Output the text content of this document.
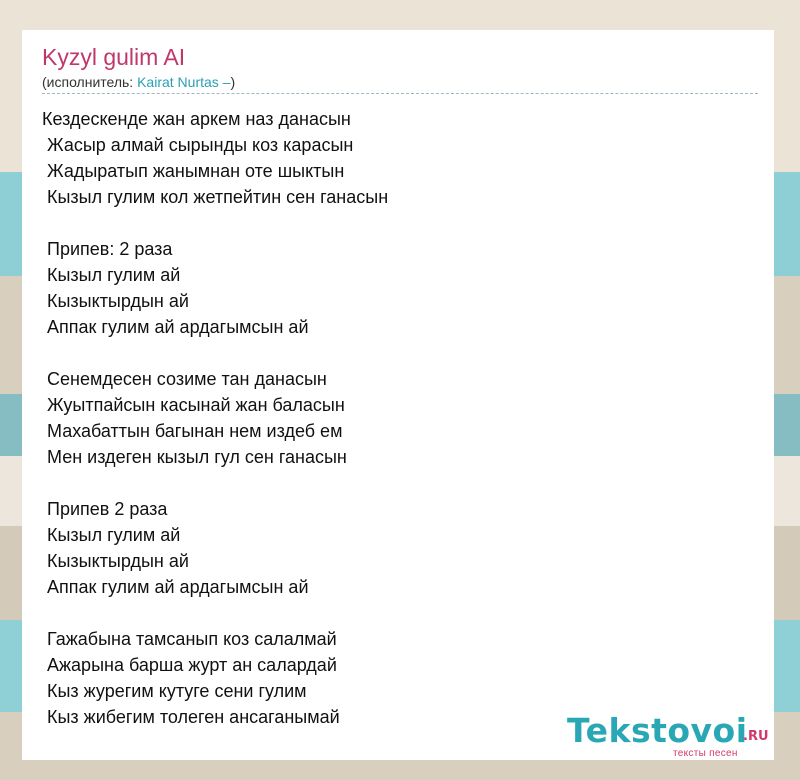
Kyzyl gulim AI
(исполнитель: Kairat Nurtas –)
Кездескенде жан аркем наз данасын
Жасыр алмай сырынды коз карасын
Жадыратып жанымнан оте шыктын
Кызыл гулим кол жетпейтин сен ганасын
Припев: 2 раза
Кызыл гулим ай
Кызыктырдын ай
Аппак гулим ай ардагымсын ай
Сенемдесен созиме тан данасын
Жуытпайсын касынай жан баласын
Махабаттын багынан нем издеб ем
Мен издеген кызыл гул сен ганасын
Припев 2 раза
Кызыл гулим ай
Кызыктырдын ай
Аппак гулим ай ардагымсын ай
Гажабына тамсанып коз салалмай
Ажарына барша журт ан салардай
Кыз журегим кутуге сени гулим
Кыз жибегим толеген ансаганымай	Tekstovoi
.RU
тексты песен
